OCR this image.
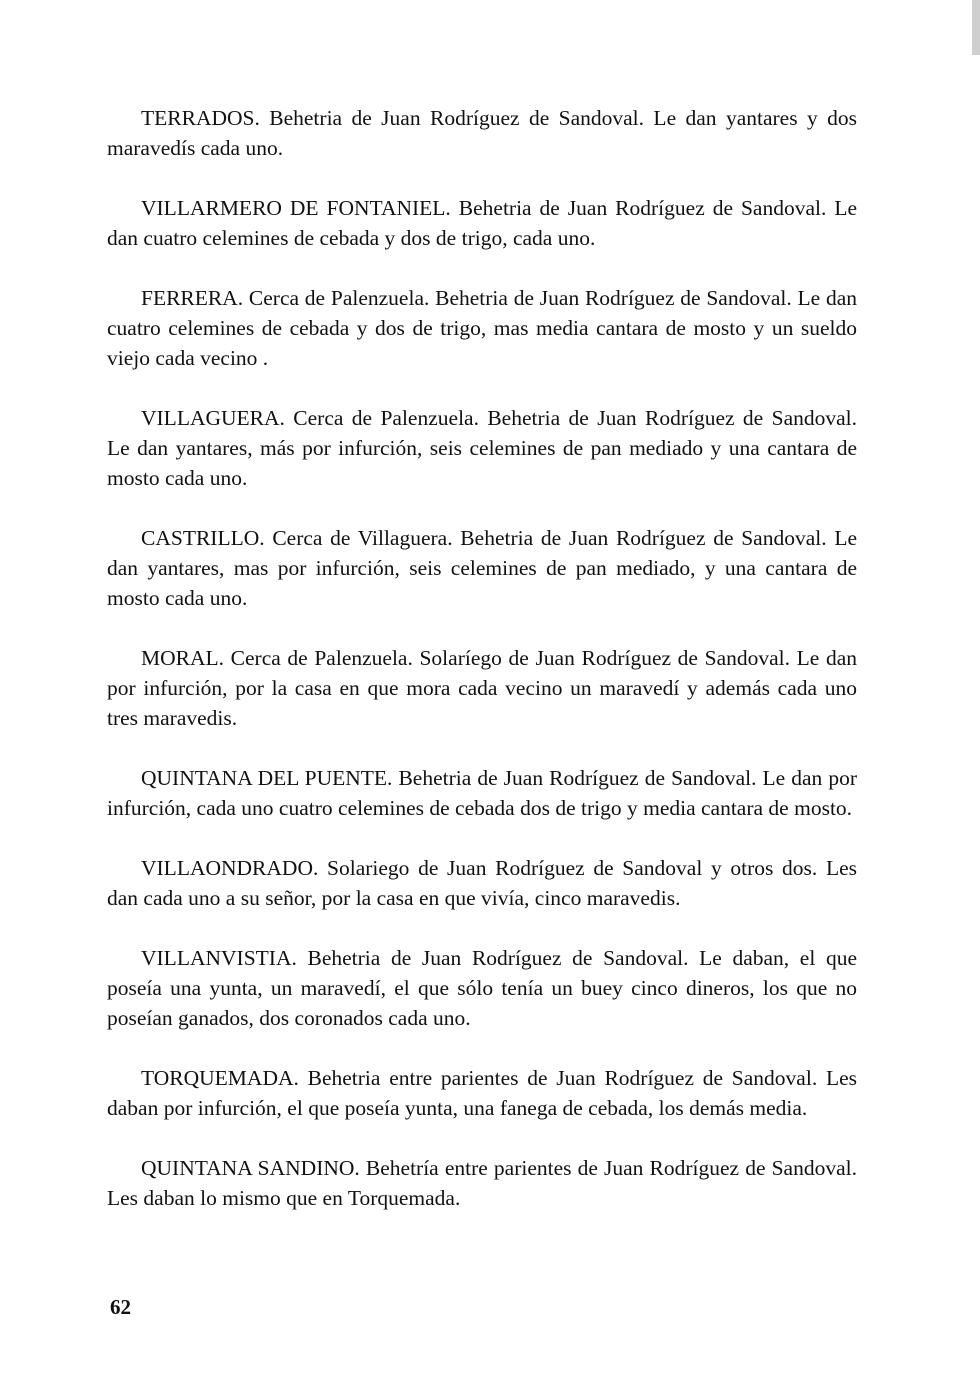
TERRADOS. Behetria de Juan Rodríguez de Sandoval. Le dan yantares y dos maravedís cada uno.

VILLARMERO DE FONTANIEL. Behetria de Juan Rodríguez de Sandoval. Le dan cuatro celemines de cebada y dos de trigo, cada uno.

FERRERA. Cerca de Palenzuela. Behetria de Juan Rodríguez de Sandoval. Le dan cuatro celemines de cebada y dos de trigo, mas media cantara de mosto y un sueldo viejo cada vecino .

VILLAGUERA. Cerca de Palenzuela. Behetria de Juan Rodríguez de Sandoval. Le dan yantares, más por infurción, seis celemines de pan mediado y una cantara de mosto cada uno.

CASTRILLO. Cerca de Villaguera. Behetria de Juan Rodríguez de Sandoval. Le dan yantares, mas por infurción, seis celemines de pan mediado, y una cantara de mosto cada uno.

MORAL. Cerca de Palenzuela. Solaríego de Juan Rodríguez de Sandoval. Le dan por infurción, por la casa en que mora cada vecino un maravedí y además cada uno tres maravedis.

QUINTANA DEL PUENTE. Behetria de Juan Rodríguez de Sandoval. Le dan por infurción, cada uno cuatro celemines de cebada dos de trigo y media cantara de mosto.

VILLAONDRADO. Solariego de Juan Rodríguez de Sandoval y otros dos. Les dan cada uno a su señor, por la casa en que vivía, cinco maravedis.

VILLANVISTIA. Behetria de Juan Rodríguez de Sandoval. Le daban, el que poseía una yunta, un maravedí, el que sólo tenía un buey cinco dineros, los que no poseían ganados, dos coronados cada uno.

TORQUEMADA. Behetria entre parientes de Juan Rodríguez de Sandoval. Les daban por infurción, el que poseía yunta, una fanega de cebada, los demás media.

QUINTANA SANDINO. Behetría entre parientes de Juan Rodríguez de Sandoval. Les daban lo mismo que en Torquemada.

62
